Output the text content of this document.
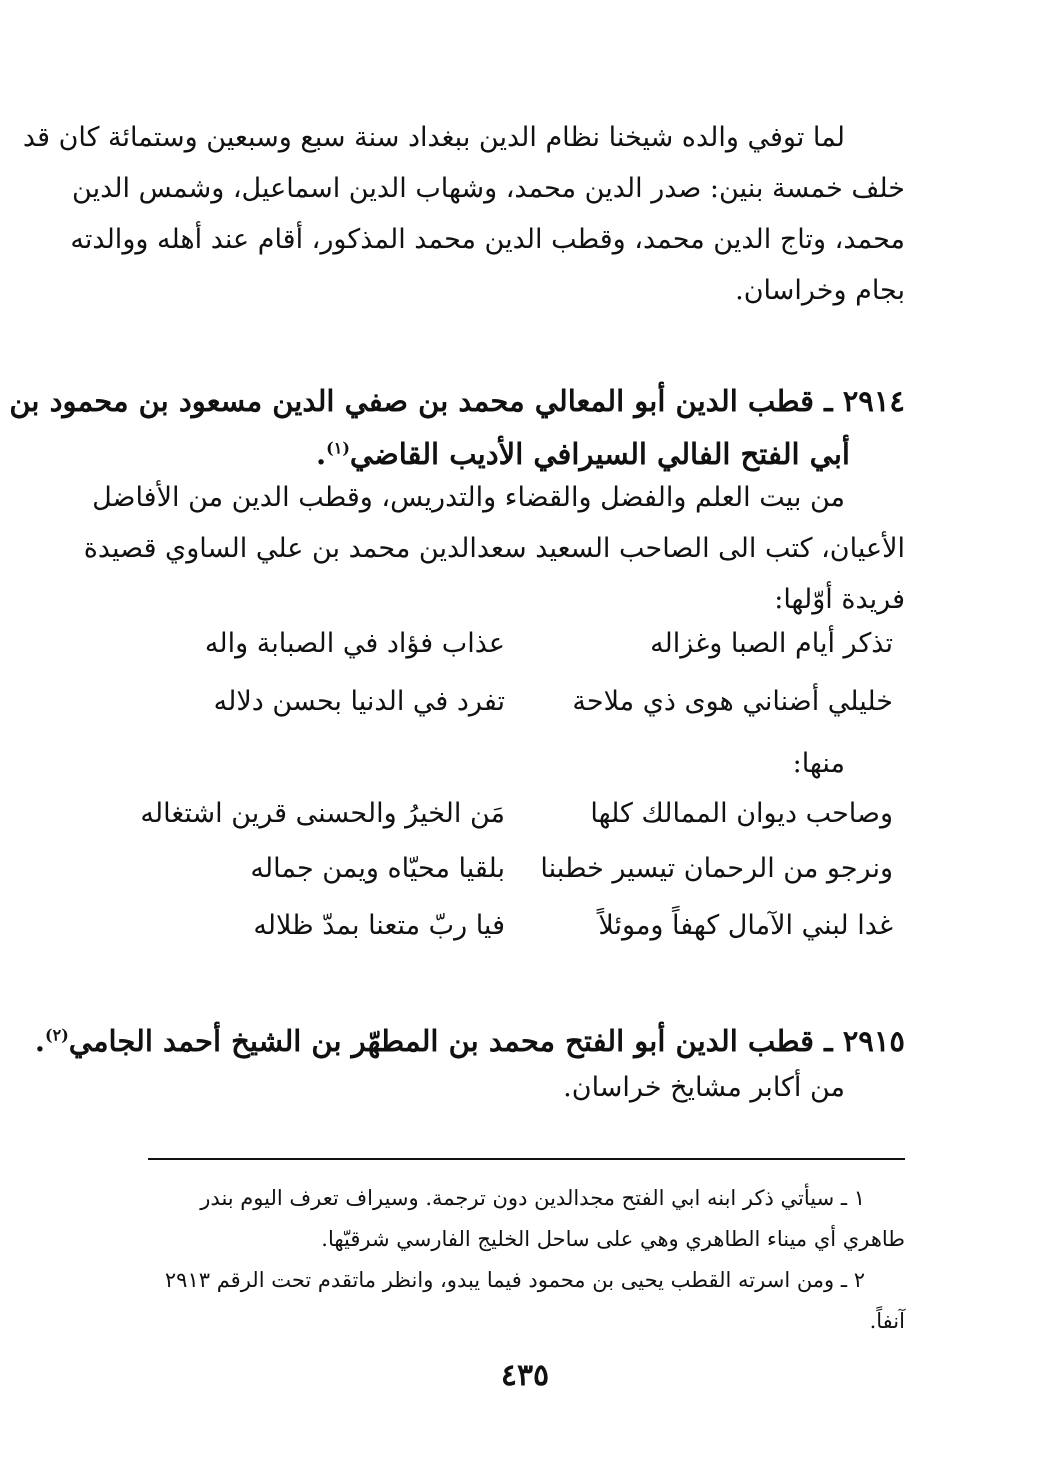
لما توفي والده شيخنا نظام الدين ببغداد سنة سبع وسبعين وستمائة كان قد
خلف خمسة بنين: صدر الدين محمد، وشهاب الدين اسماعيل، وشمس الدين
محمد، وتاج الدين محمد، وقطب الدين محمد المذكور، أقام عند أهله ووالدته
بجام وخراسان.

٢٩١٤ ـ قطب الدين أبو المعالي محمد بن صفي الدين مسعود بن محمود بن
أبي الفتح الفالي السيرافي الأديب القاضي$^{(١)}$.

من بيت العلم والفضل والقضاء والتدريس، وقطب الدين من الأفاضل
الأعيان، كتب الى الصاحب السعيد سعدالدين محمد بن علي الساوي قصيدة
فريدة أوّلها:

تذكر أيام الصبا وغزاله
عذاب فؤاد في الصبابة واله
خليلي أضناني هوى ذي ملاحة
تفرد في الدنيا بحسن دلاله

منها:

وصاحب ديوان الممالك كلها
مَن الخيرُ والحسنى قرين اشتغاله
ونرجو من الرحمان تيسير خطبنا
بلقيا محيّاه ويمن جماله
غدا لبني الآمال كهفاً وموئلاً
فيا ربّ متعنا بمدّ ظلاله
٢٩١٥ ـ قطب الدين أبو الفتح محمد بن المطهّر بن الشيخ أحمد الجامي$^{(٢)}$.

من أكابر مشايخ خراسان.

١ ـ سيأتي ذكر ابنه ابي الفتح مجدالدين دون ترجمة. وسيراف تعرف اليوم بندر
طاهري أي ميناء الطاهري وهي على ساحل الخليج الفارسي شرقيّها.

٢ ـ ومن اسرته القطب يحيى بن محمود فيما يبدو، وانظر ماتقدم تحت الرقم ٢٩١٣
آنفاً.

٤٣٥
